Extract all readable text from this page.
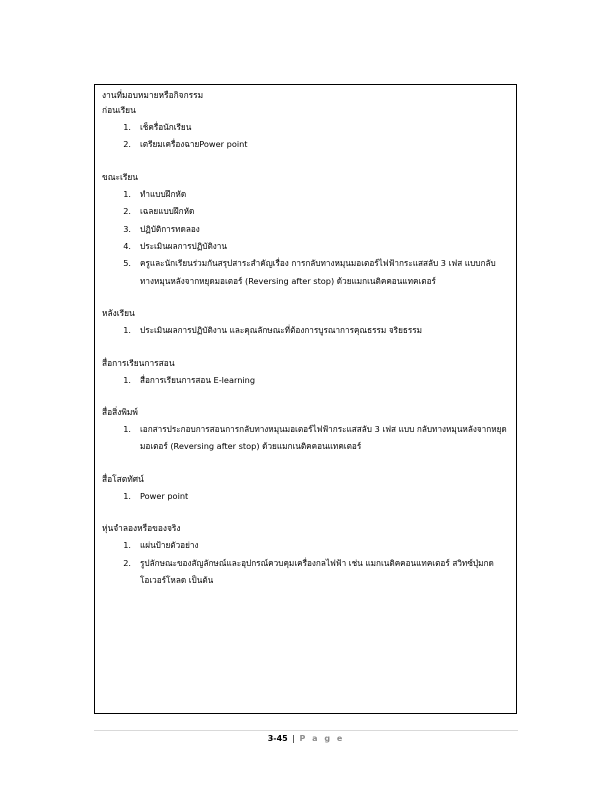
งานที่มอบหมายหรือกิจกรรม

ก่อนเรียน

1.	เช็ครื่อนักเรียน
2.	เตรียมเครื่องฉายPower point

ขณะเรียน

1.	ทำแบบฝึกหัด
2.	เฉลยแบบฝึกหัด
3.	ปฏิบัติการทดลอง
4.	ประเมินผลการปฏิบัติงาน
5.	ครูและนักเรียนร่วมกันสรุปสาระสำคัญเรื่อง การกลับทางหมุนมอเตอร์ไฟฟ้ากระแสสลับ 3 เฟส แบบกลับทางหมุนหลังจากหยุดมอเตอร์ (Reversing after stop) ด้วยแมกเนติคคอนแทคเตอร์

หลังเรียน

1.	ประเมินผลการปฏิบัติงาน และคุณลักษณะที่ต้องการบูรณาการคุณธรรม จริยธรรม

สื่อการเรียนการสอน

1.	สื่อการเรียนการสอน E-learning

สื่อสิ่งพิมพ์

1.	เอกสารประกอบการสอนการกลับทางหมุนมอเตอร์ไฟฟ้ากระแสสลับ 3 เฟส แบบ กลับทางหมุนหลังจากหยุดมอเตอร์ (Reversing after stop) ด้วยแมกเนติคคอนแทคเตอร์

สื่อโสตทัศน์

1.	Power point

หุ่นจำลองหรือของจริง

1.	แผ่นป้ายตัวอย่าง
2.	รูปลักษณะของสัญลักษณ์และอุปกรณ์ควบคุมเครื่องกลไฟฟ้า เช่น แมกเนติคคอนแทคเตอร์ สวิทซ์ปุ่มกด โอเวอร์โหลด เป็นต้น
3-45 | P a g e
